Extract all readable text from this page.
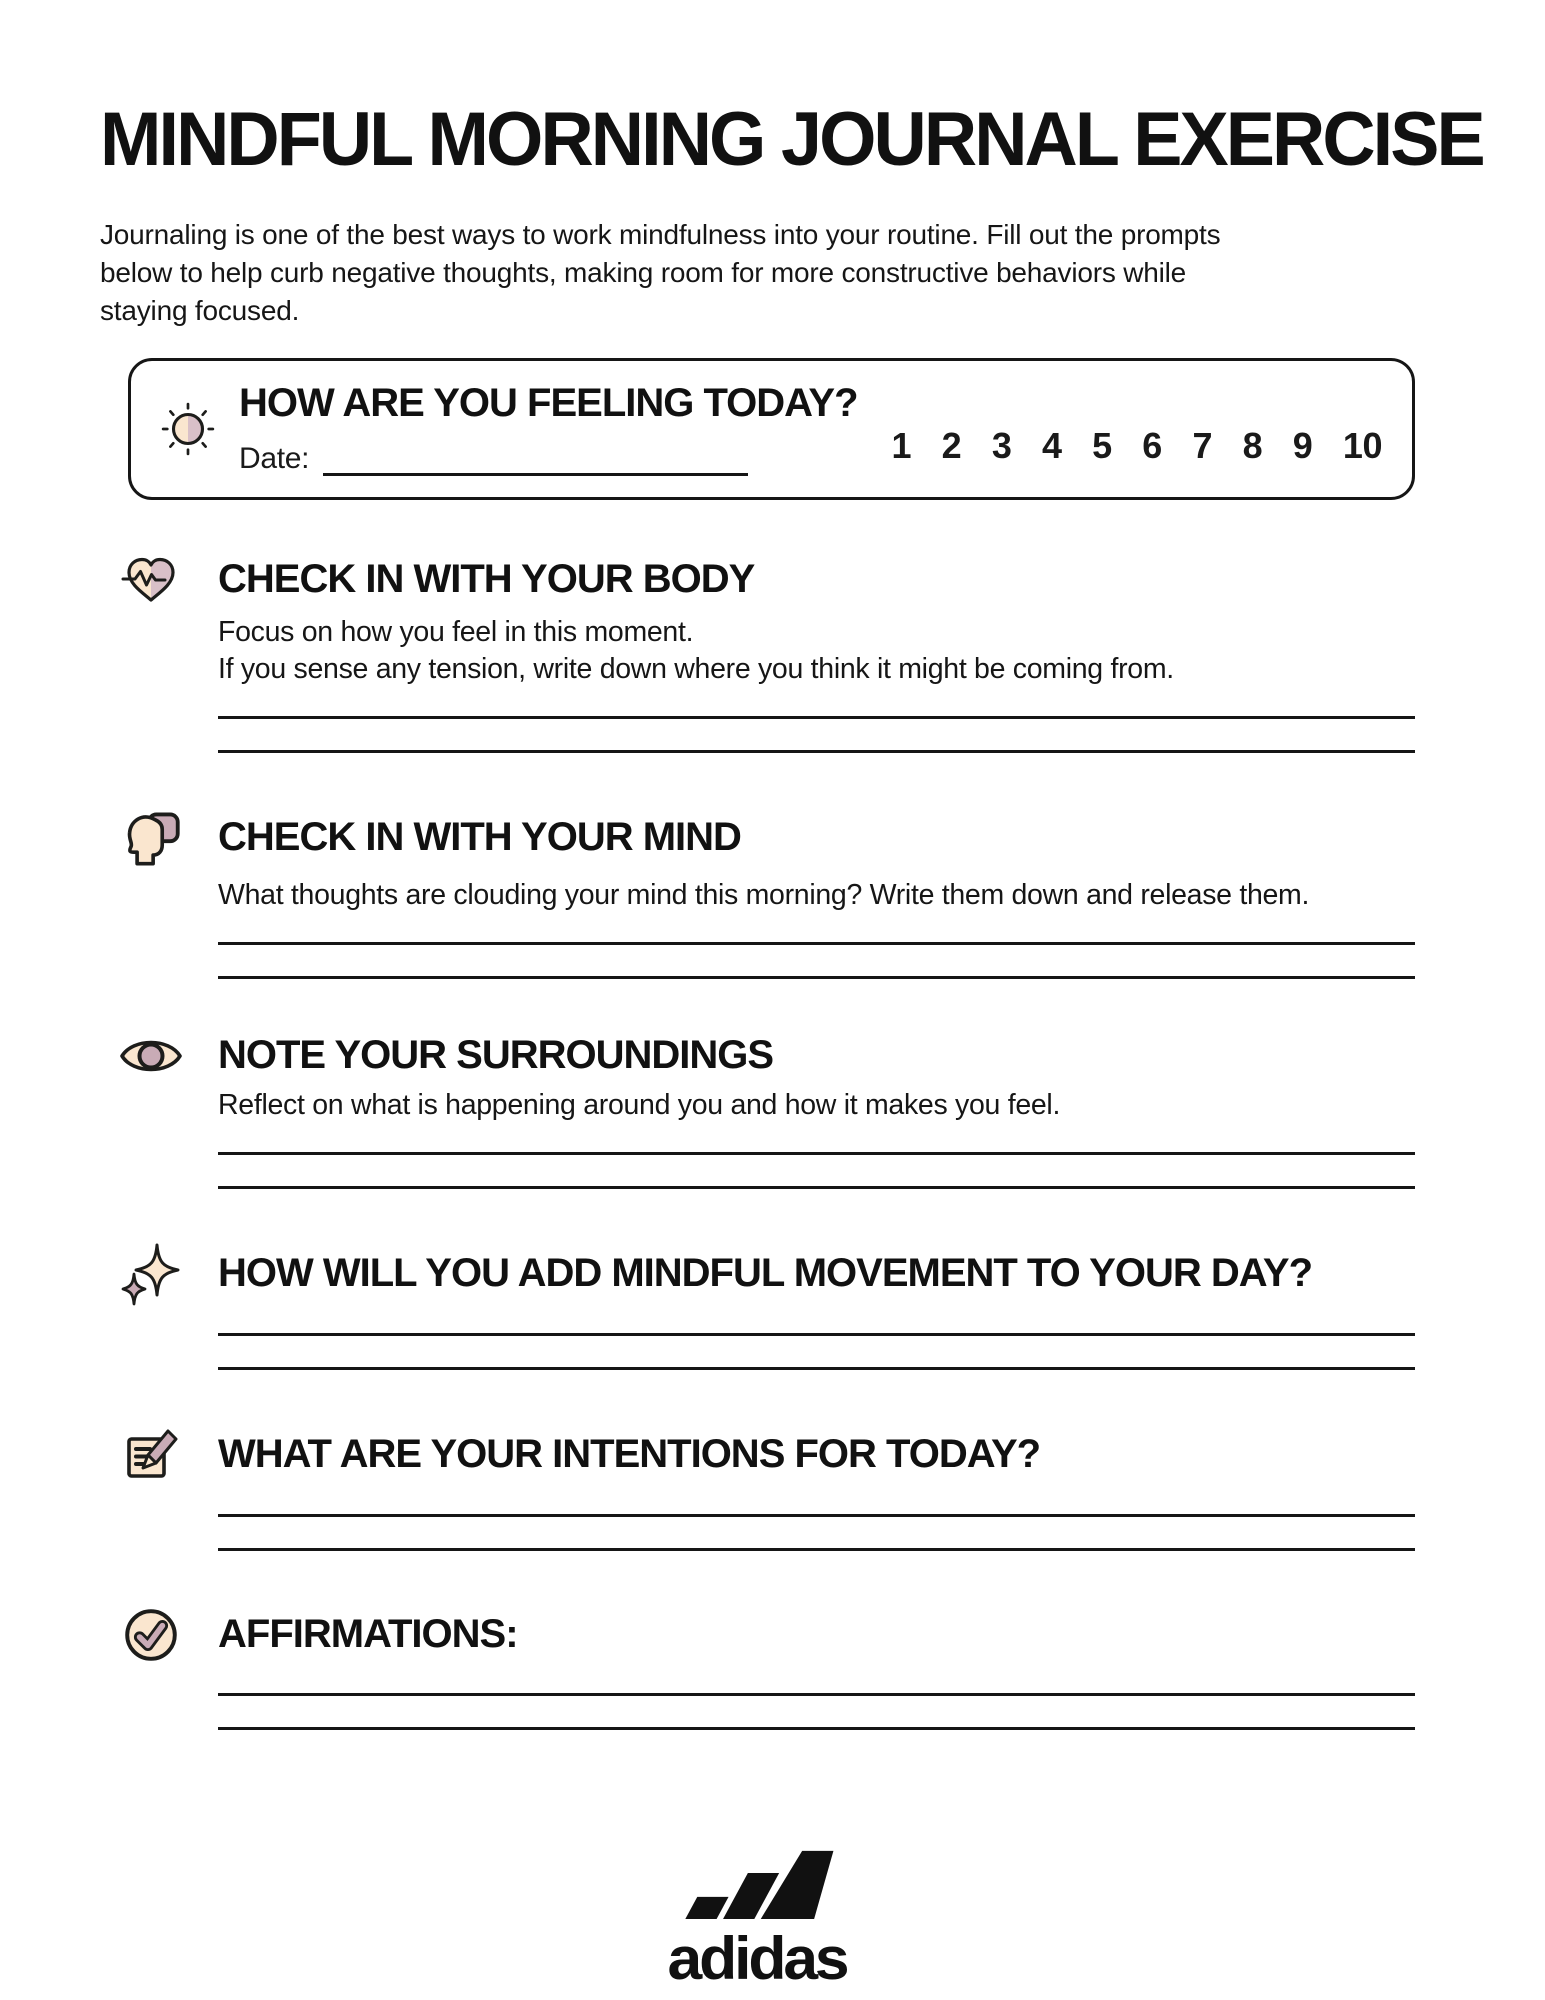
MINDFUL MORNING JOURNAL EXERCISE
Journaling is one of the best ways to work mindfulness into your routine. Fill out the prompts
below to help curb negative thoughts, making room for more constructive behaviors while
staying focused.
HOW ARE YOU FEELING TODAY?
Date:	1 2 3 4 5 6 7 8 9 10
CHECK IN WITH YOUR BODY
Focus on how you feel in this moment.
If you sense any tension, write down where you think it might be coming from.
CHECK IN WITH YOUR MIND
What thoughts are clouding your mind this morning? Write them down and release them.
NOTE YOUR SURROUNDINGS
Reflect on what is happening around you and how it makes you feel.
HOW WILL YOU ADD MINDFUL MOVEMENT TO YOUR DAY?
WHAT ARE YOUR INTENTIONS FOR TODAY?
AFFIRMATIONS:
adidas
